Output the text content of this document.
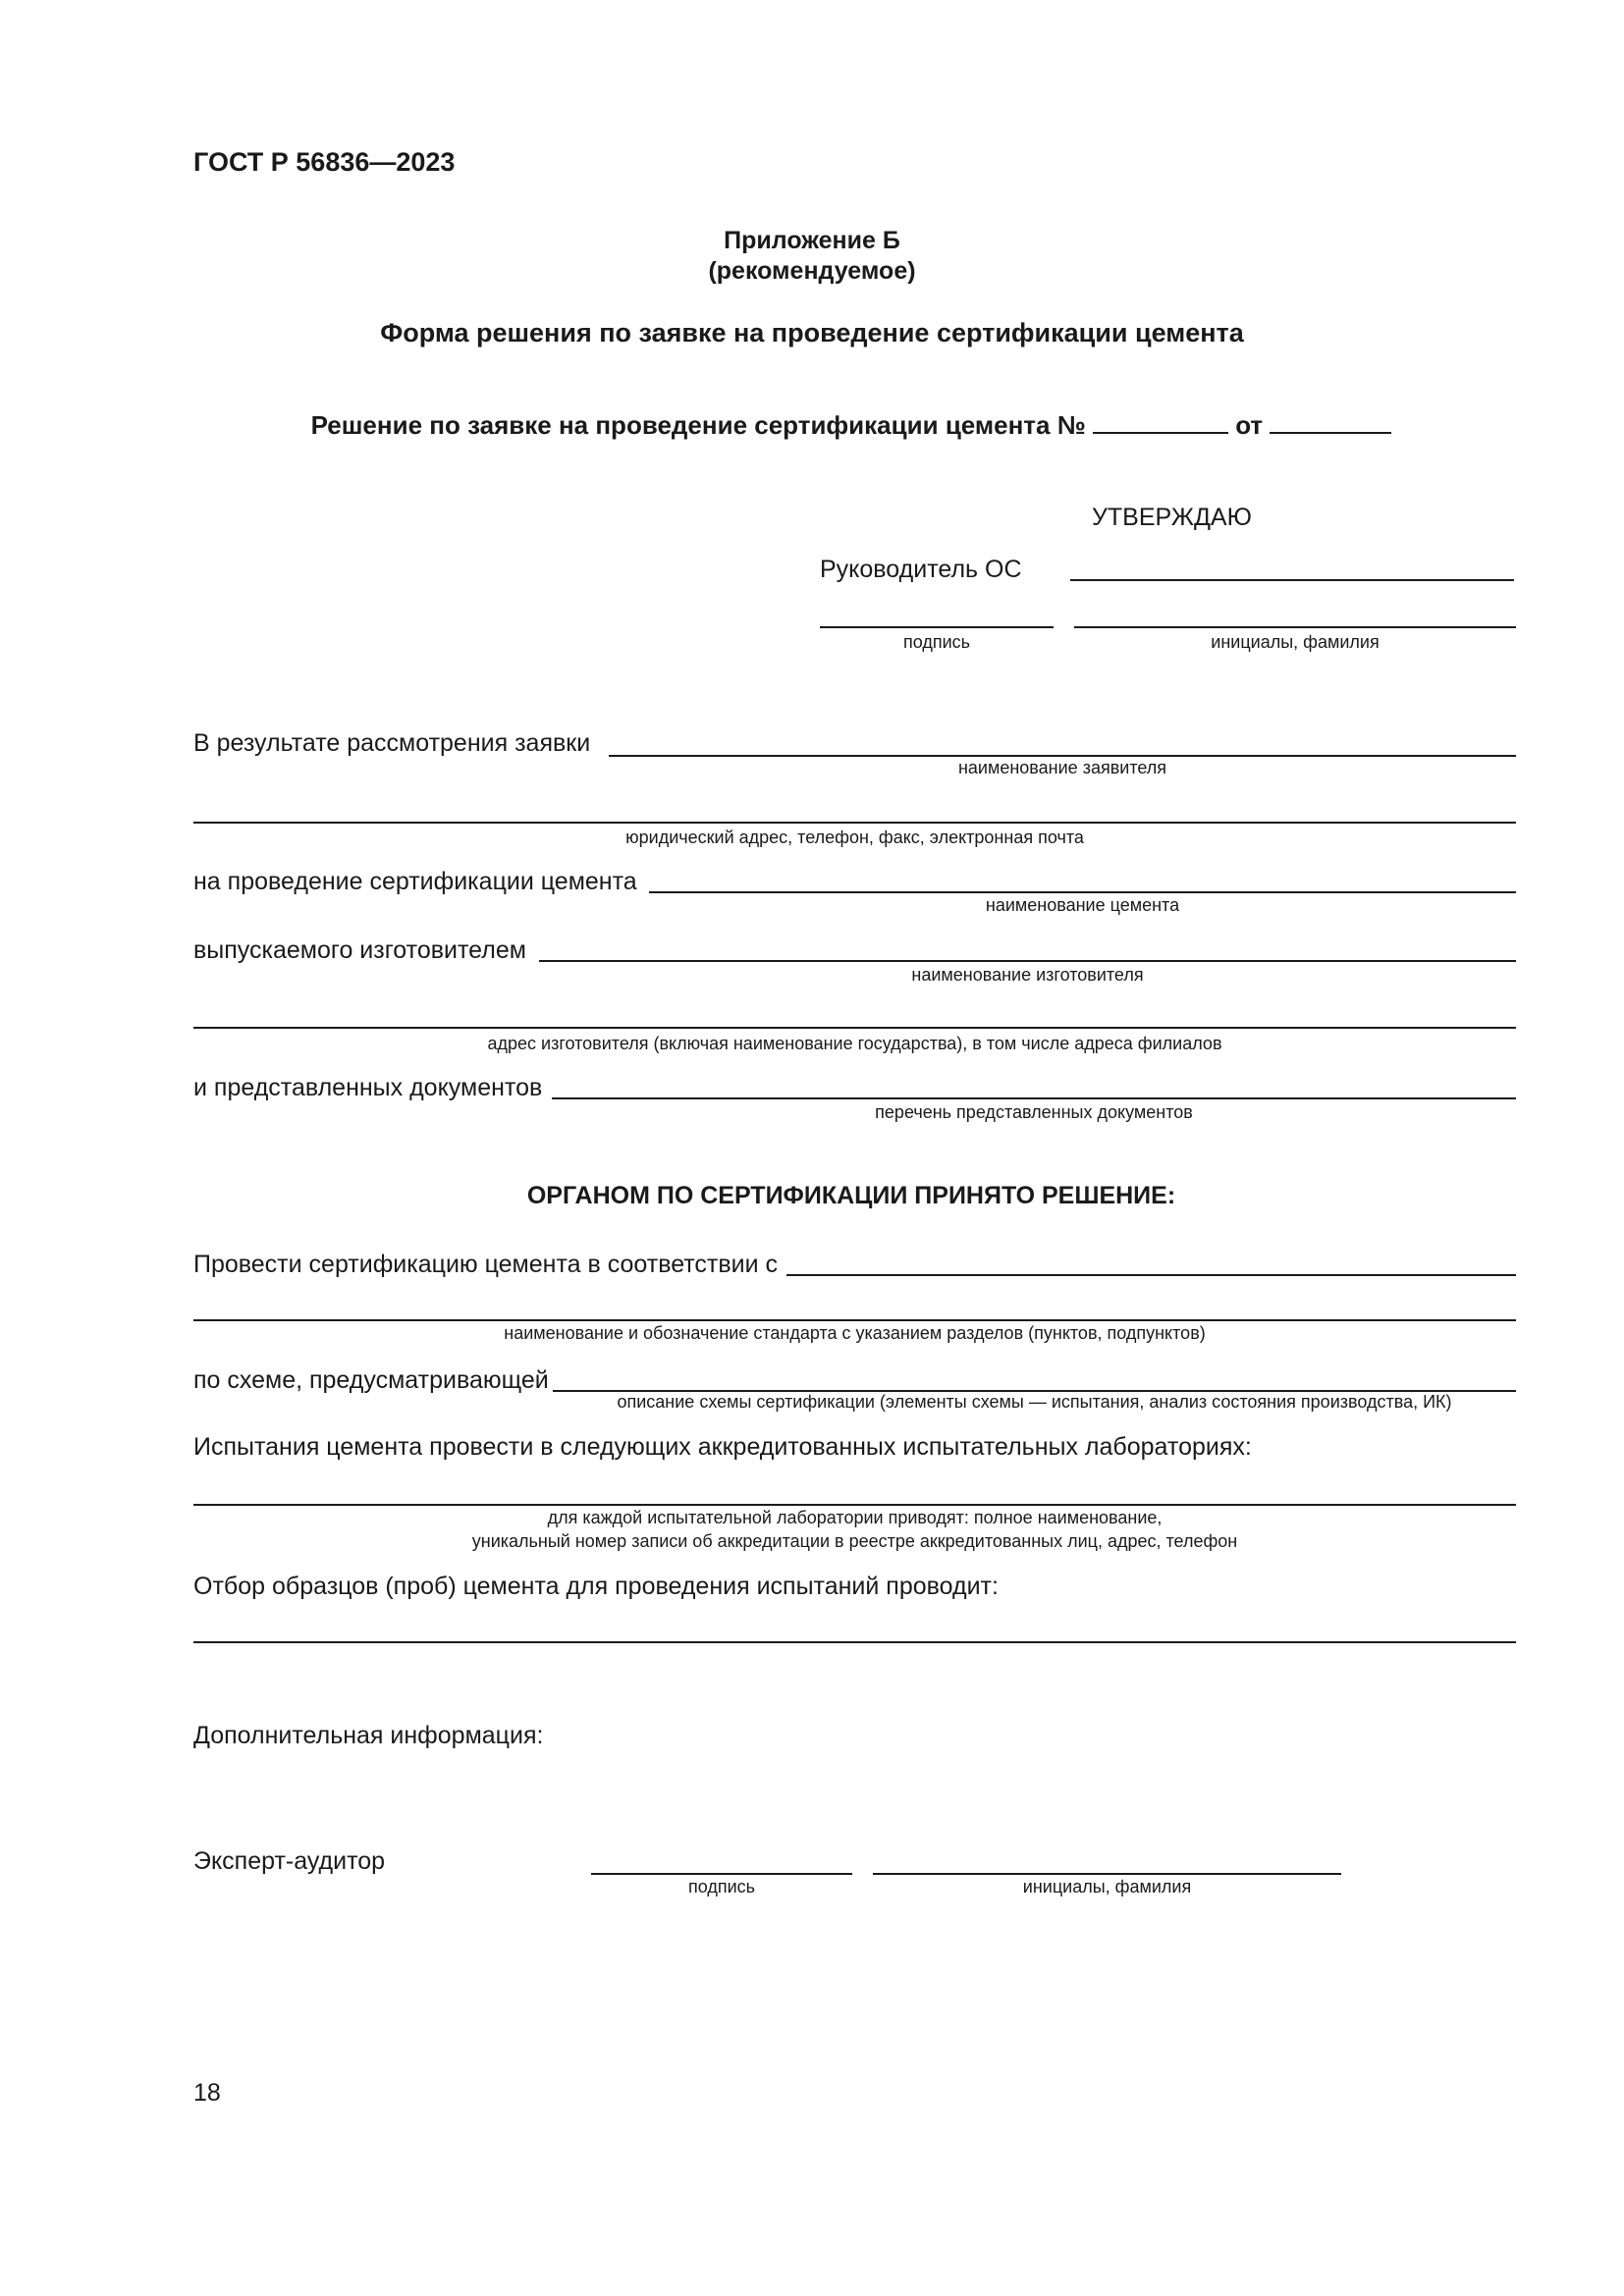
ГОСТ Р 56836—2023
Приложение Б
(рекомендуемое)
Форма решения по заявке на проведение сертификации цемента
Решение по заявке на проведение сертификации цемента №	от
УТВЕРЖДАЮ
Руководитель ОС
подпись	инициалы, фамилия
В результате рассмотрения заявки
наименование заявителя
юридический адрес, телефон, факс, электронная почта
на проведение сертификации цемента
наименование цемента
выпускаемого изготовителем
наименование изготовителя
адрес изготовителя (включая наименование государства), в том числе адреса филиалов
и представленных документов
перечень представленных документов
ОРГАНОМ ПО СЕРТИФИКАЦИИ ПРИНЯТО РЕШЕНИЕ:
Провести сертификацию цемента в соответствии с
наименование и обозначение стандарта с указанием разделов (пунктов, подпунктов)
по схеме, предусматривающей
описание схемы сертификации (элементы схемы — испытания, анализ состояния производства, ИК)
Испытания цемента провести в следующих аккредитованных испытательных лабораториях:
для каждой испытательной лаборатории приводят: полное наименование,
уникальный номер записи об аккредитации в реестре аккредитованных лиц, адрес, телефон
Отбор образцов (проб) цемента для проведения испытаний проводит:
Дополнительная информация:
Эксперт-аудитор
подпись	инициалы, фамилия
18
